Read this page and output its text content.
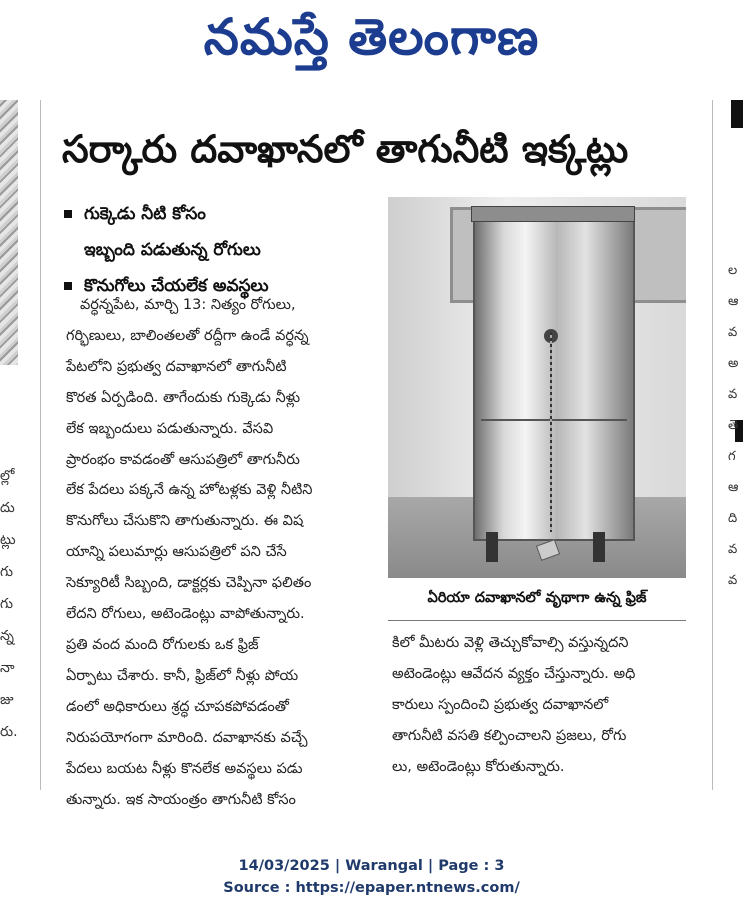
నమస్తే తెలంగాణ
ల్లో
దు
ట్లు
గు
గు
న్న
నా
జు
రు.
ల
ఆ
వ
అ
వ
తె
గ
ఆ
ది
వ
వ
సర్కారు దవాఖానలో తాగునీటి ఇక్కట్లు
గుక్కెడు నీటి కోసం
ఇబ్బంది పడుతున్న రోగులు
కొనుగోలు చేయలేక అవస్థలు
వర్ధన్నపేట, మార్చి 13: నిత్యం రోగులు,
గర్భిణులు, బాలింతలతో రద్దీగా ఉండే వర్ధన్న
పేటలోని ప్రభుత్వ దవాఖానలో తాగునీటి
కొరత ఏర్పడింది. తాగేందుకు గుక్కెడు నీళ్లు
లేక ఇబ్బందులు పడుతున్నారు. వేసవి
ప్రారంభం కావడంతో ఆసుపత్రిలో తాగునీరు
లేక పేదలు పక్కనే ఉన్న హోటళ్లకు వెళ్లి నీటిని
కొనుగోలు చేసుకొని తాగుతున్నారు. ఈ విష
యాన్ని పలుమార్లు ఆసుపత్రిలో పని చేసే
సెక్యూరిటీ సిబ్బంది, డాక్టర్లకు చెప్పినా ఫలితం
లేదని రోగులు, అటెండెంట్లు వాపోతున్నారు.
ప్రతి వంద మంది రోగులకు ఒక ఫ్రిజ్
ఏర్పాటు చేశారు. కానీ, ఫ్రిజ్‌లో నీళ్లు పోయ
డంలో అధికారులు శ్రద్ధ చూపకపోవడంతో
నిరుపయోగంగా మారింది. దవాఖానకు వచ్చే
పేదలు బయట నీళ్లు కొనలేక అవస్థలు పడు
తున్నారు. ఇక సాయంత్రం తాగునీటి కోసం
ఏరియా దవాఖానలో వృథాగా ఉన్న ఫ్రిజ్
కిలో మీటరు వెళ్లి తెచ్చుకోవాల్సి వస్తున్నదని
అటెండెంట్లు ఆవేదన వ్యక్తం చేస్తున్నారు. అధి
కారులు స్పందించి ప్రభుత్వ దవాఖానలో
తాగునీటి వసతి కల్పించాలని ప్రజలు, రోగు
లు, అటెండెంట్లు కోరుతున్నారు.
14/03/2025 | Warangal | Page : 3
Source : https://epaper.ntnews.com/
